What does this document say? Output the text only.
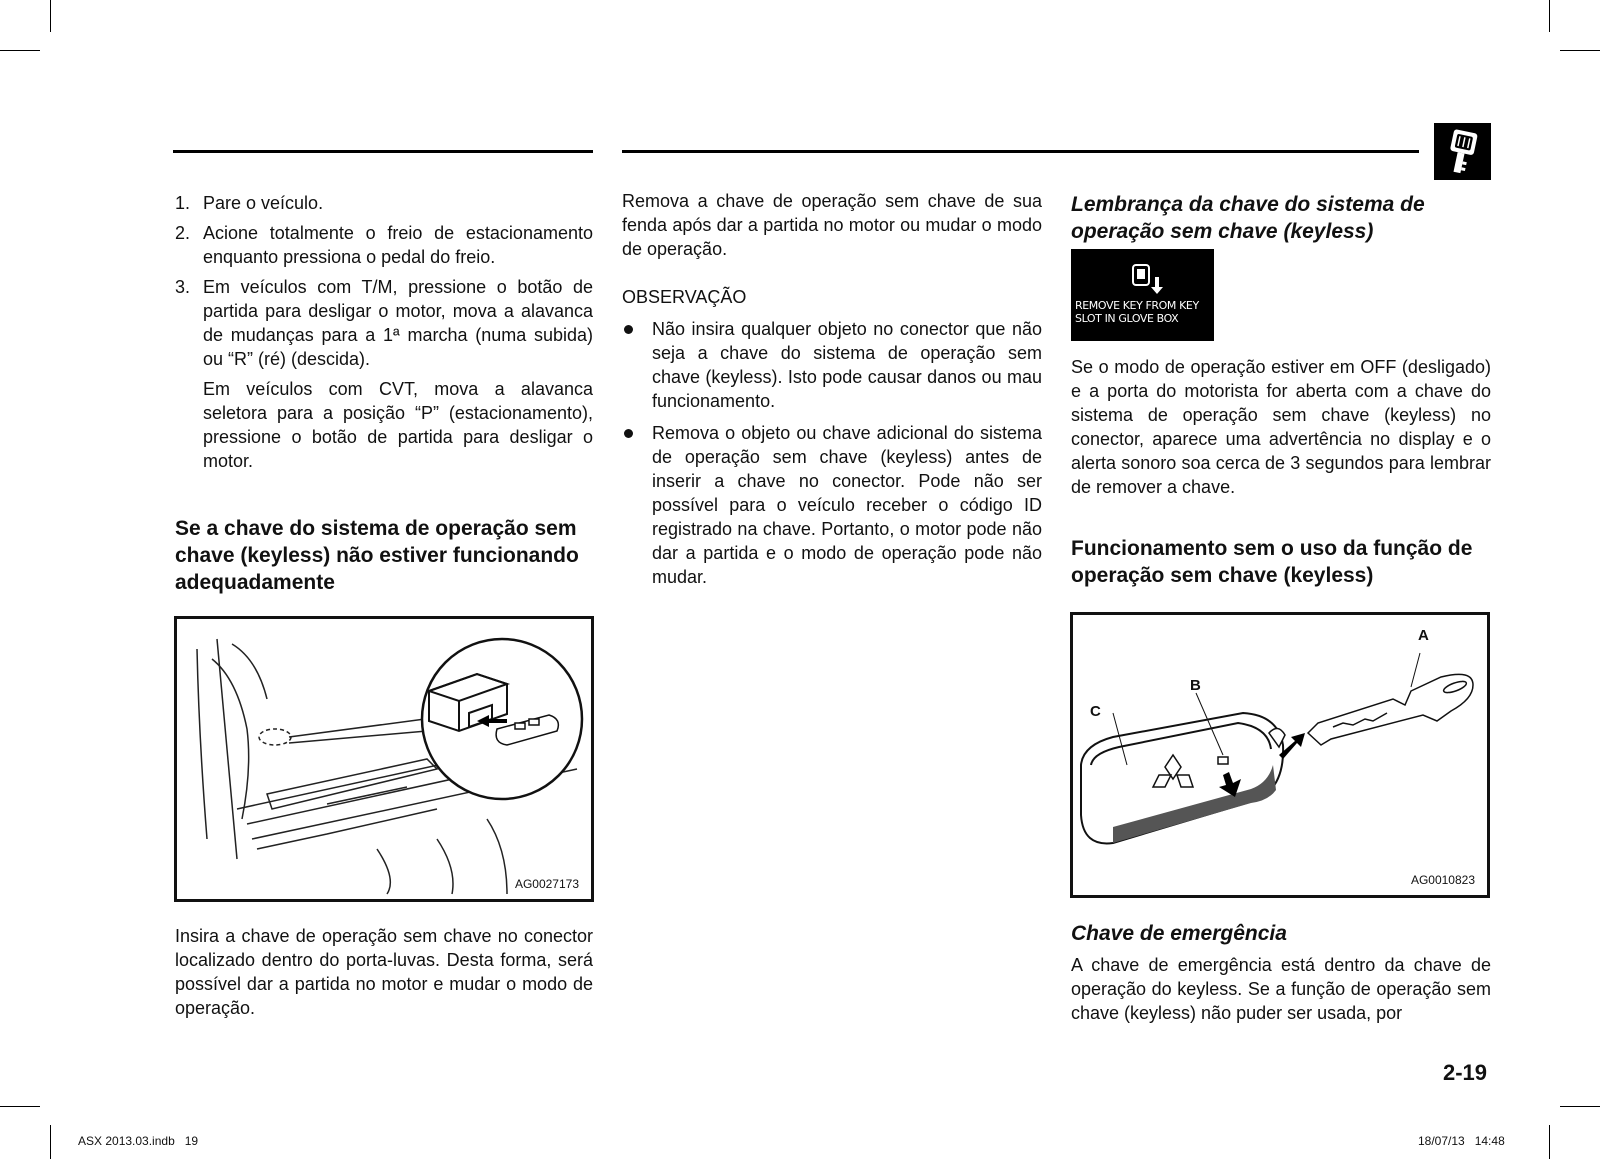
1. Pare o veículo.
2. Acione totalmente o freio de estacionamento enquanto pressiona o pedal do freio.
3. Em veículos com T/M, pressione o botão de partida para desligar o motor, mova a alavanca de mudanças para a 1ª marcha (numa subida) ou “R” (ré) (descida).

Em veículos com CVT, mova a alavanca seletora para a posição “P” (estacionamento), pressione o botão de partida para desligar o motor.

Se a chave do sistema de operação sem chave (keyless) não estiver funcionando adequadamente
AG0027173

Insira a chave de operação sem chave no conector localizado dentro do porta-luvas. Desta forma, será possível dar a partida no motor e mudar o modo de operação.

Remova a chave de operação sem chave de sua fenda após dar a partida no motor ou mudar o modo de operação.

OBSERVAÇÃO

Não insira qualquer objeto no conector que não seja a chave do sistema de operação sem chave (keyless). Isto pode causar danos ou mau funcionamento.
Remova o objeto ou chave adicional do sistema de operação sem chave (keyless) antes de inserir a chave no conector. Pode não ser possível para o veículo receber o código ID registrado na chave. Portanto, o motor pode não dar a partida e o modo de operação pode não mudar.
Lembrança da chave do sistema de operação sem chave (keyless)
REMOVE KEY FROM KEY
SLOT IN GLOVE BOX

Se o modo de operação estiver em OFF (desligado) e a porta do motorista for aberta com a chave do sistema de operação sem chave (keyless) no conector, aparece uma advertência no display e o alerta sonoro soa cerca de 3 segundos para lembrar de remover a chave.

Funcionamento sem o uso da função de operação sem chave (keyless)
A
B
C
AG0010823
Chave de emergência

A chave de emergência está dentro da chave de operação do keyless. Se a função de operação sem chave (keyless) não puder ser usada, por

2-19
ASX 2013.03.indb   19	18/07/13   14:48
